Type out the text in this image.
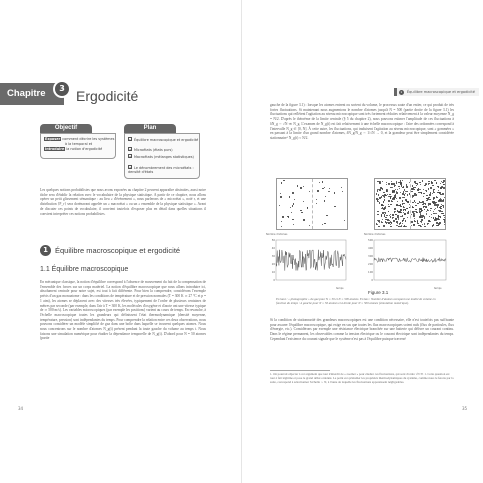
Chapitre	3 Ergodicité
Objectif
Exposer comment décrire les systèmes
à la temporal et
Introduire la notion d'ergodicité
Plan
1 Équilibre macroscopique et ergodicité
2 Microétats (états purs)
3 Macroétats (mélanges statistiques)
4 Le dénombrement des microétats : densité d'états

Les quelques notions probabilistes que nous avons exposées au chapitre 2 peuvent apparaître abstraites, aussi notre tâche sera d'établir la relation avec le vocabulaire de la physique statistique. A partir de ce chapitre, nous allons opérer un petit glissement sémantique : au lieu « d'événement », nous parlerons de « microétat », noté r, et une distribution {P_r} sera dorénavant appelée un « macroétat » ou un « ensemble de la physique statistique ». Avant de discuter ces points de vocabulaire, il convient toutefois d'exposer plus en détail dans quelles situations il convient interpréter ces notions probabilistes.

1 Équilibre macroscopique et ergodicité
1.1 Équilibre macroscopique

En mécanique classique, la notion d'équilibre correspond à l'absence de mouvement du fait de la compensation de l'ensemble des forces sur un corps matériel. La notion d'équilibre macroscopique que nous allons introduire ici, absolument centrale pour notre sujet, est tout à fait différente. Pour bien la comprendre, considérons l'exemple précis d'un gaz monoatome : dans les conditions de température et de pression normales (T = 300 K ≃ 27 °C et p = 1 atm), les atomes se déplacent avec des vitesses très élevées, typiquement de l'ordre de plusieurs centaines de mètres par seconde (par exemple, dans l'air à T = 300 K, les molécules d'oxygène et d'azote ont une vitesse typique de ≃ 500 m/s). Les variables microscopiques (par exemple les positions) varient au cours de temps. En revanche, à l'échelle macroscopique toutes les grandeurs qui définissent l'état thermodynamique (densité moyenne, température, pression) sont indépendantes du temps. Pour comprendre la relation entre ces deux observations, nous pouvons considérer un modèle simplifié de gaz dans une boîte dans laquelle se trouvent quelques atomes. Nous nous concentrons sur le nombre d'atomes N_g(t) présent pendant la toute gauche du volume au temps t. Nous faisons une simulation numérique pour étudier la dépendance temporelle de N_g(t). D'abord pour N = 50 atomes (partie

34
1	Équilibre macroscopique et ergodicité

gauche de la figure 3.1) : lorsque les atomes entrent ou sortent du volume, le processus saute d'un entier, ce qui produit de très fortes fluctuations. Si maintenant nous augmentons le nombre d'atomes jusqu'à N = 500 (partie droite de la figure 3.1) les fluctuations qui reflètent l'agitation au niveau microscopique sont très fortement réduites relativement à la valeur moyenne N_g = N/2. D'après le théorème de la limite centrale (§ 5 du chapitre 2), nous pouvons estimer l'amplitude de ces fluctuations à δN_g ∼ √N ≪ N_g. L'examen de N_g(t) est fait relativement à une échelle macroscopique : l'aire des ordonnées correspond à l'intervalle N_g ∈ [0, N]. À cette autre, les fluctuations, qui traduisent l'agitation au niveau microscopique, sont « gommées » en passant à la limite d'un grand nombre d'atomes, δN_g/N_g ∼ 1/√N → 0, et la grandeur peut être simplement considérée stationnaire¹ N_g(t) ≈ N/2.

Nombre d'atomes
50
40
30
20
10
0
temps
Nombre d'atomes
500
400
300
200
100
0
temps
Figure 3.1
En haut : « photographie » du gaz pour N = 50 et N = 500 atomes. En bas : Nombre d'atomes occupant une moitié de volume en fonction du temps : à gauche pour N = 50 atomes et à droite pour N = 500 atomes (simulation numérique).

Si la condition de stationnarité des grandeurs macroscopiques est une condition nécessaire, elle n'est toutefois pas suffisante pour assurer l'équilibre macroscopique, qui exige en sus que toutes les flux macroscopiques soient nuls (flux de particules, flux d'énergie, etc.). Considérons par exemple une résistance électrique branchée sur une batterie qui délivre un courant continu. Dans le régime permanent, les observables comme la tension électrique ou le courant électrique sont indépendantes du temps. Cependant l'existence du courant signale que le système n'est pas à l'équilibre puisque traversé

1. On pourrait objecter à cet argument que tout n'interdit de « zoomer » pour étudier ces fluctuations, qui sont d'ordre √N ≫ 1. Cette question est tout à fait légitime et pose le grand débat ordonné. Le point est qu'étudier les propriétés thermodynamiques du système, comme nous le ferons par la suite, correspond à sélectionner l'échelle ∼ N, à l'aune de laquelle les fluctuations apparaissent négligeables.
35
